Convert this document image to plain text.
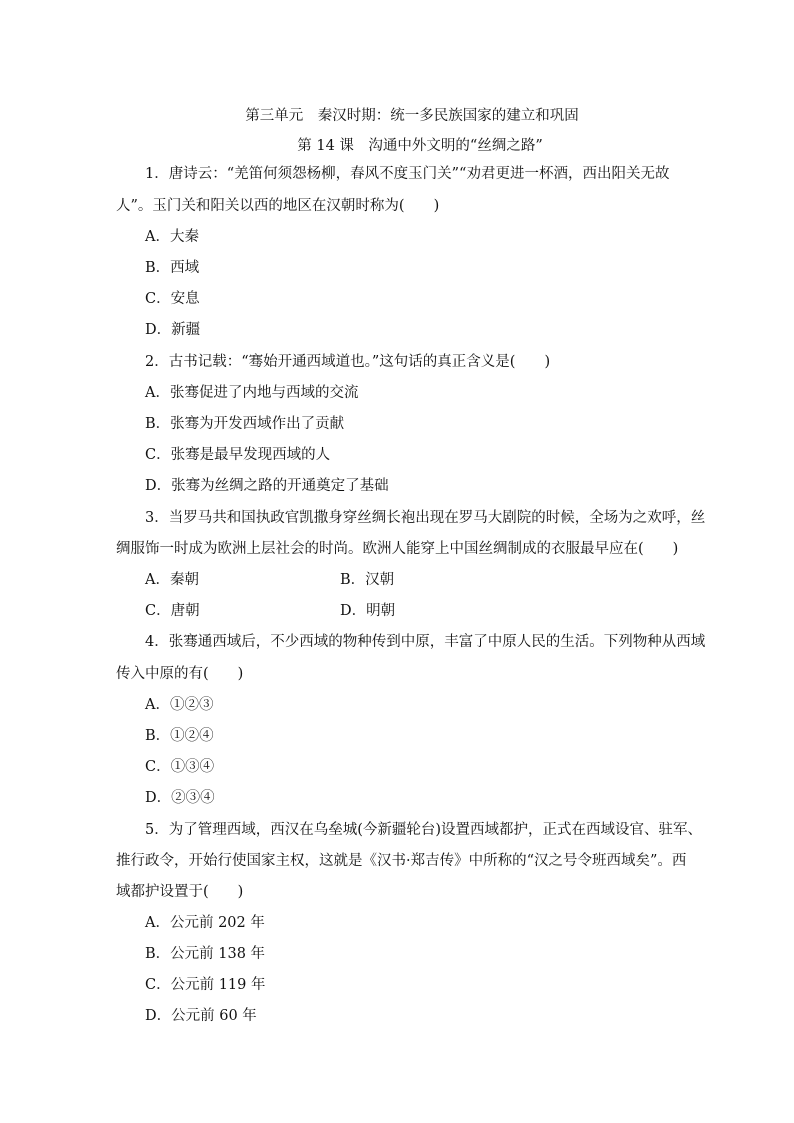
第三单元　秦汉时期：统一多民族国家的建立和巩固
第 14 课　沟通中外文明的“丝绸之路”
1．唐诗云：“羌笛何须怨杨柳，春风不度玉门关”“劝君更进一杯酒，西出阳关无故
人”。玉门关和阳关以西的地区在汉朝时称为(　　)
A．大秦
B．西域
C．安息
D．新疆
2．古书记载：“骞始开通西域道也。”这句话的真正含义是(　　)
A．张骞促进了内地与西域的交流
B．张骞为开发西域作出了贡献
C．张骞是最早发现西域的人
D．张骞为丝绸之路的开通奠定了基础
3．当罗马共和国执政官凯撒身穿丝绸长袍出现在罗马大剧院的时候，全场为之欢呼，丝
绸服饰一时成为欧洲上层社会的时尚。欧洲人能穿上中国丝绸制成的衣服最早应在(　　)
A．秦朝	B．汉朝
C．唐朝	D．明朝
4．张骞通西域后，不少西域的物种传到中原，丰富了中原人民的生活。下列物种从西域
传入中原的有(　　)
A．①②③
B．①②④
C．①③④
D．②③④
5．为了管理西域，西汉在乌垒城(今新疆轮台)设置西域都护，正式在西域设官、驻军、
推行政令，开始行使国家主权，这就是《汉书·郑吉传》中所称的“汉之号令班西域矣”。西
域都护设置于(　　)
A．公元前 202 年
B．公元前 138 年
C．公元前 119 年
D．公元前 60 年
